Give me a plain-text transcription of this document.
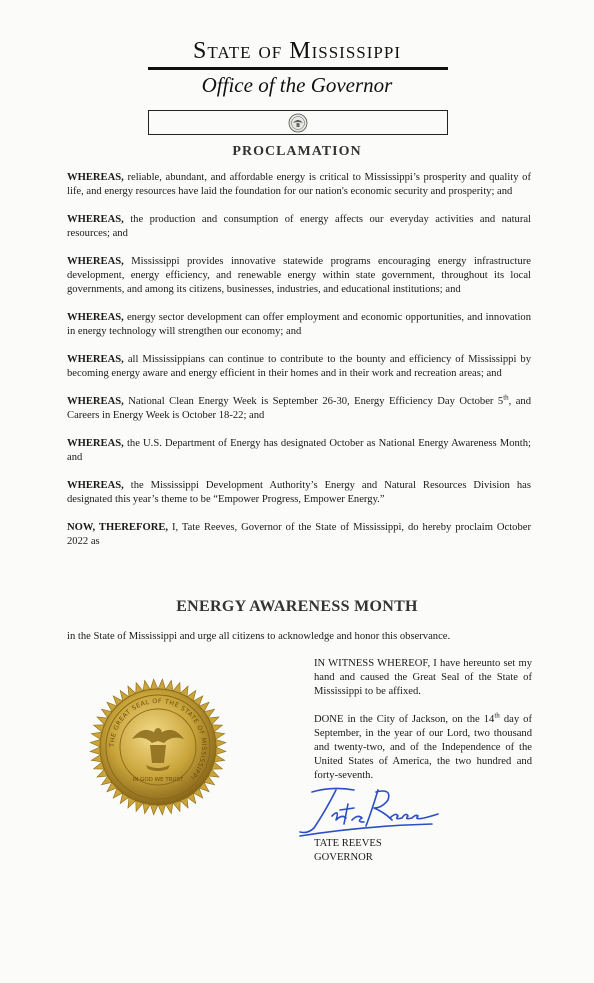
State of Mississippi
Office of the Governor
PROCLAMATION

WHEREAS, reliable, abundant, and affordable energy is critical to Mississippi’s prosperity and quality of life, and energy resources have laid the foundation for our nation's economic security and prosperity; and

WHEREAS, the production and consumption of energy affects our everyday activities and natural resources; and

WHEREAS, Mississippi provides innovative statewide programs encouraging energy infrastructure development, energy efficiency, and renewable energy within state government, throughout its local governments, and among its citizens, businesses, industries, and educational institutions; and

WHEREAS, energy sector development can offer employment and economic opportunities, and innovation in energy technology will strengthen our economy; and

WHEREAS, all Mississippians can continue to contribute to the bounty and efficiency of Mississippi by becoming energy aware and energy efficient in their homes and in their work and recreation areas; and

WHEREAS, National Clean Energy Week is September 26-30, Energy Efficiency Day October 5th, and Careers in Energy Week is October 18-22; and

WHEREAS, the U.S. Department of Energy has designated October as National Energy Awareness Month; and

WHEREAS, the Mississippi Development Authority’s Energy and Natural Resources Division has designated this year’s theme to be “Empower Progress, Empower Energy.”

NOW, THEREFORE, I, Tate Reeves, Governor of the State of Mississippi, do hereby proclaim October 2022 as

ENERGY AWARENESS MONTH
in the State of Mississippi and urge all citizens to acknowledge and honor this observance.

IN WITNESS WHEREOF, I have hereunto set my hand and caused the Great Seal of the State of Mississippi to be affixed.

DONE in the City of Jackson, on the 14th day of September, in the year of our Lord, two thousand and twenty-two, and of the Independence of the United States of America, the two hundred and forty-seventh.

TATE REEVES
GOVERNOR
THE GREAT SEAL OF THE STATE OF MISSISSIPPI
IN GOD WE TRUST
